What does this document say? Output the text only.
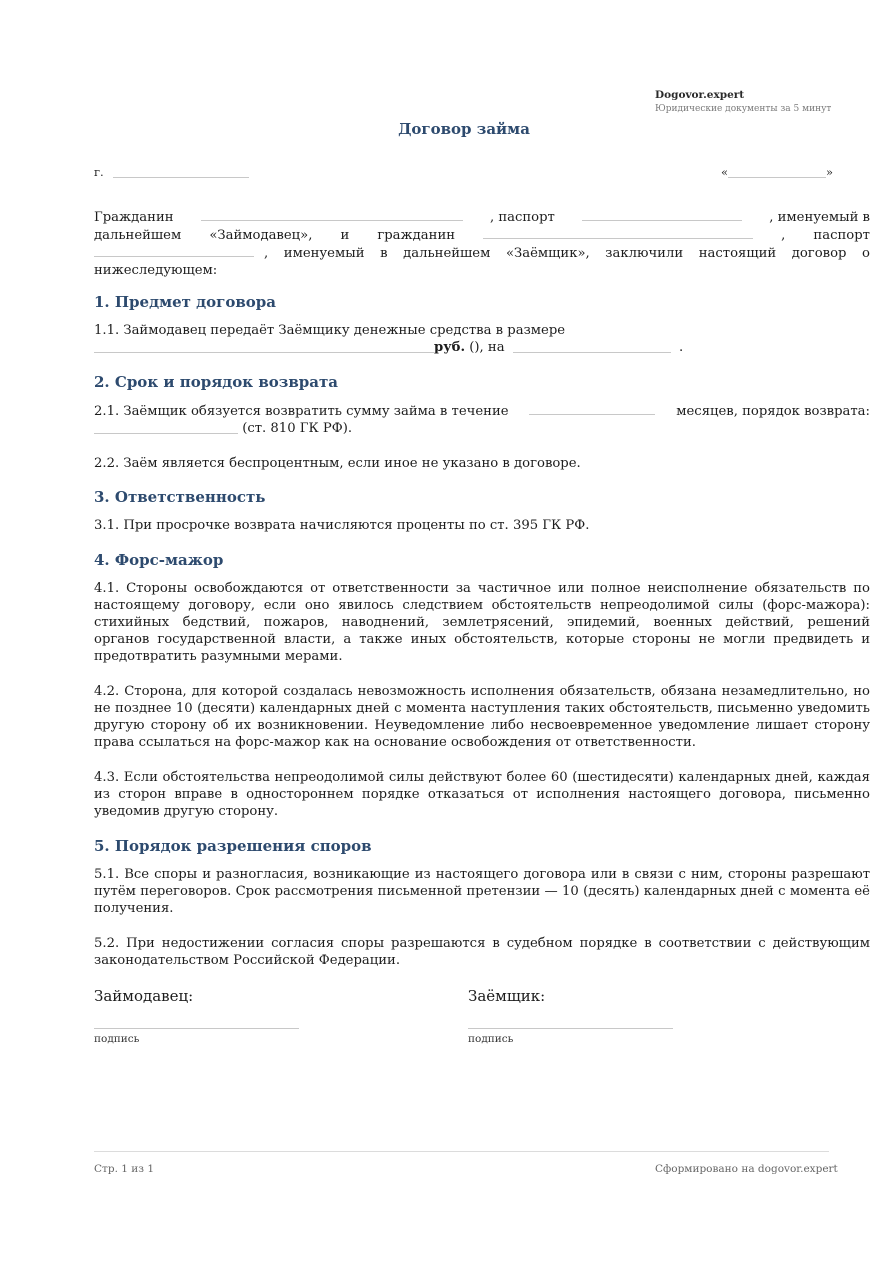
Dogovor.expert
Юридические документы за 5 минут
Договор займа
г.	«	»

Гражданин	, паспорт	, именуемый в

дальнейшем «Займодавец», и гражданин	, паспорт

, именуемый в дальнейшем «Заёмщик», заключили настоящий договор о

нижеследующем:

1. Предмет договора

1.1. Займодавец передаёт Заёмщику денежные средства в размере

руб. (), на	.

2. Срок и порядок возврата

2.1. Заёмщик обязуется возвратить сумму займа в течение	месяцев, порядок возврата:

(ст. 810 ГК РФ).

2.2. Заём является беспроцентным, если иное не указано в договоре.

3. Ответственность

3.1. При просрочке возврата начисляются проценты по ст. 395 ГК РФ.

4. Форс-мажор

4.1. Стороны освобождаются от ответственности за частичное или полное неисполнение обязательств по

настоящему договору, если оно явилось следствием обстоятельств непреодолимой силы (форс-мажора):

стихийных бедствий, пожаров, наводнений, землетрясений, эпидемий, военных действий, решений

органов государственной власти, а также иных обстоятельств, которые стороны не могли предвидеть и

предотвратить разумными мерами.

4.2. Сторона, для которой создалась невозможность исполнения обязательств, обязана незамедлительно, но

не позднее 10 (десяти) календарных дней с момента наступления таких обстоятельств, письменно уведомить

другую сторону об их возникновении. Неуведомление либо несвоевременное уведомление лишает сторону

права ссылаться на форс-мажор как на основание освобождения от ответственности.

4.3. Если обстоятельства непреодолимой силы действуют более 60 (шестидесяти) календарных дней, каждая

из сторон вправе в одностороннем порядке отказаться от исполнения настоящего договора, письменно

уведомив другую сторону.

5. Порядок разрешения споров

5.1. Все споры и разногласия, возникающие из настоящего договора или в связи с ним, стороны разрешают

путём переговоров. Срок рассмотрения письменной претензии — 10 (десять) календарных дней с момента её

получения.

5.2. При недостижении согласия споры разрешаются в судебном порядке в соответствии с действующим

законодательством Российской Федерации.

Займодавец:
подпись
Заёмщик:
подпись
Стр. 1 из 1	Сформировано на dogovor.expert
